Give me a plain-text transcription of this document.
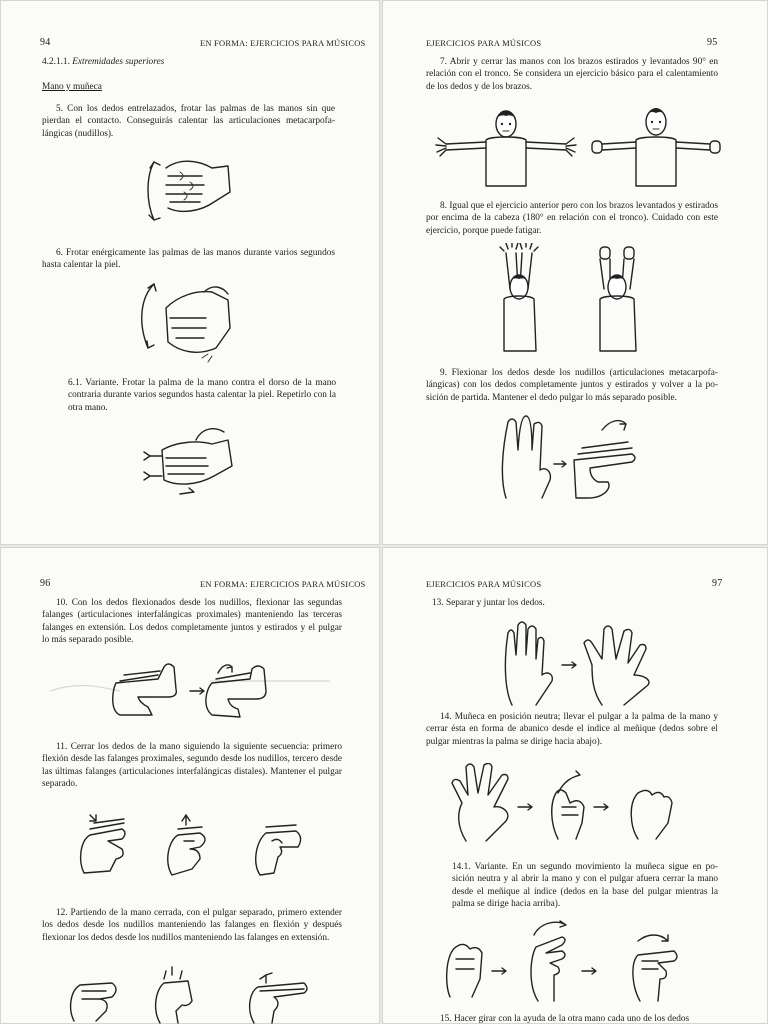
94	EN FORMA: EJERCICIOS PARA MÚSICOS
4.2.1.1. Extremidades superiores
Mano y muñeca

5. Con los dedos entrelazados, frotar las palmas de las manos sin que pierdan el contacto. Conseguirás calentar las articulaciones metacarpofalángicas (nudillos).

6. Frotar enérgicamente las palmas de las manos durante varios segundos hasta calentar la piel.

6.1. Variante. Frotar la palma de la mano contra el dorso de la mano contraria durante varios segundos hasta calentar la piel. Repetirlo con la otra mano.

EJERCICIOS PARA MÚSICOS	95

7. Abrir y cerrar las manos con los brazos estirados y levantados 90° en relación con el tronco. Se considera un ejercicio básico para el calentamiento de los dedos y de los brazos.

8. Igual que el ejercicio anterior pero con los brazos levantados y estirados por encima de la cabeza (180° en relación con el tronco). Cuidado con este ejercicio, porque puede fatigar.

9. Flexionar los dedos desde los nudillos (articulaciones metacarpofalángicas) con los dedos completamente juntos y estirados y volver a la posición de partida. Mantener el dedo pulgar lo más separado posible.

96	EN FORMA: EJERCICIOS PARA MÚSICOS

10. Con los dedos flexionados desde los nudillos, flexionar las segundas falanges (articulaciones interfalángicas proximales) manteniendo las terceras falanges en extensión. Los dedos completamente juntos y estirados y el pulgar lo más separado posible.

11. Cerrar los dedos de la mano siguiendo la siguiente secuencia: primero flexión desde las falanges proximales, segundo desde los nudillos, tercero desde las últimas falanges (articulaciones interfalángicas distales). Mantener el pulgar separado.

12. Partiendo de la mano cerrada, con el pulgar separado, primero extender los dedos desde los nudillos manteniendo las falanges en flexión y después flexionar los dedos desde los nudillos manteniendo las falanges en extensión.

EJERCICIOS PARA MÚSICOS	97

13. Separar y juntar los dedos.

14. Muñeca en posición neutra; llevar el pulgar a la palma de la mano y cerrar ésta en forma de abanico desde el índice al meñique (dedos sobre el pulgar mientras la palma se dirige hacia abajo).

14.1. Variante. En un segundo movimiento la muñeca sigue en posición neutra y al abrir la mano y con el pulgar afuera cerrar la mano desde el meñique al índice (dedos en la base del pulgar mientras la palma se dirige hacia arriba).

15. Hacer girar con la ayuda de la otra mano cada uno de los dedos
